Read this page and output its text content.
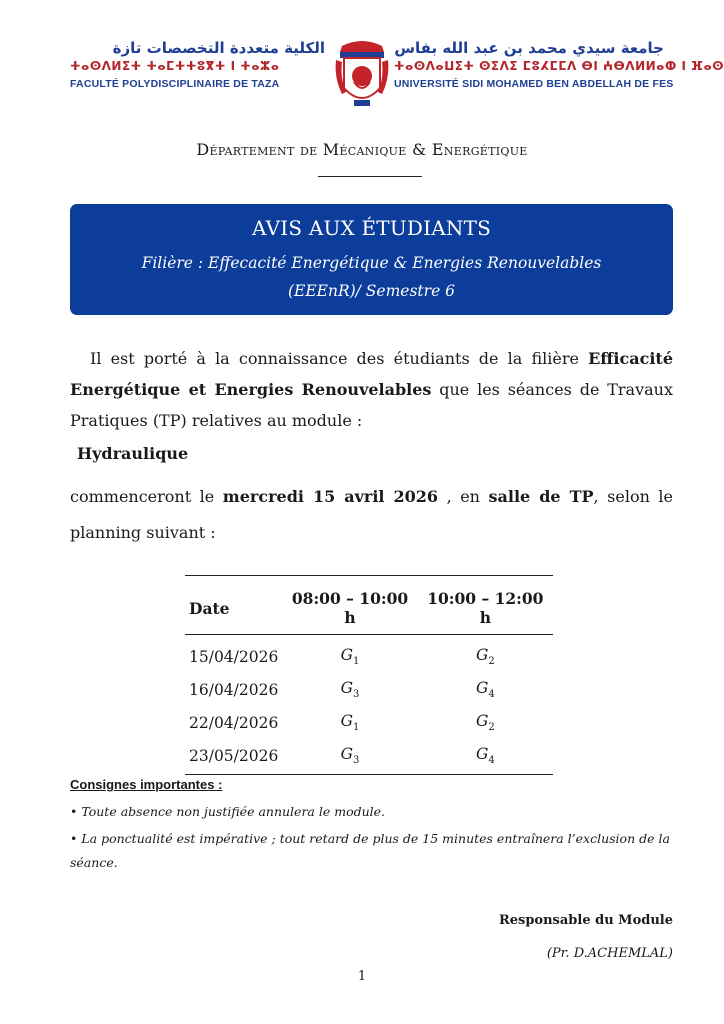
الكلية متعددة التخصصات تازة
ⵜⴰⵙⴷⵍⵉⵜ ⵜⴰⵎⵜⵜⵓⴳⵜ ⵏ ⵜⴰⵣⴰ
FACULTÉ POLYDISCIPLINAIRE DE TAZA
جامعة سيدي محمد بن عبد الله بفاس
ⵜⴰⵙⴷⴰⵡⵉⵜ ⵙⵉⴷⵉ ⵎⵓⵃⵎⵎⴷ ⴱⵏ ⵄⴱⴷⵍⵍⴰⵀ ⵏ ⴼⴰⵙ
UNIVERSITÉ SIDI MOHAMED BEN ABDELLAH DE FES
Département de Mécanique & Energétique
AVIS AUX ÉTUDIANTS
Filière : Effecacité Energétique & Energies Renouvelables
(EEEnR)/ Semestre 6
Il est porté à la connaissance des étudiants de la filière Efficacité Energétique et Energies Renouvelables que les séances de Travaux Pratiques (TP) relatives au module :
Hydraulique
commenceront le mercredi 15 avril 2026 , en salle de TP, selon le planning suivant :
Date	08:00 – 10:00 h	10:00 – 12:00 h
15/04/2026	$G_1$	$G_2$
16/04/2026	$G_3$	$G_4$
22/04/2026	$G_1$	$G_2$
23/05/2026	$G_3$	$G_4$
Consignes importantes :
• Toute absence non justifiée annulera le module.
• La ponctualité est impérative ; tout retard de plus de 15 minutes entraînera l’exclusion de la séance.
Responsable du Module
(Pr. D.ACHEMLAL)
1
